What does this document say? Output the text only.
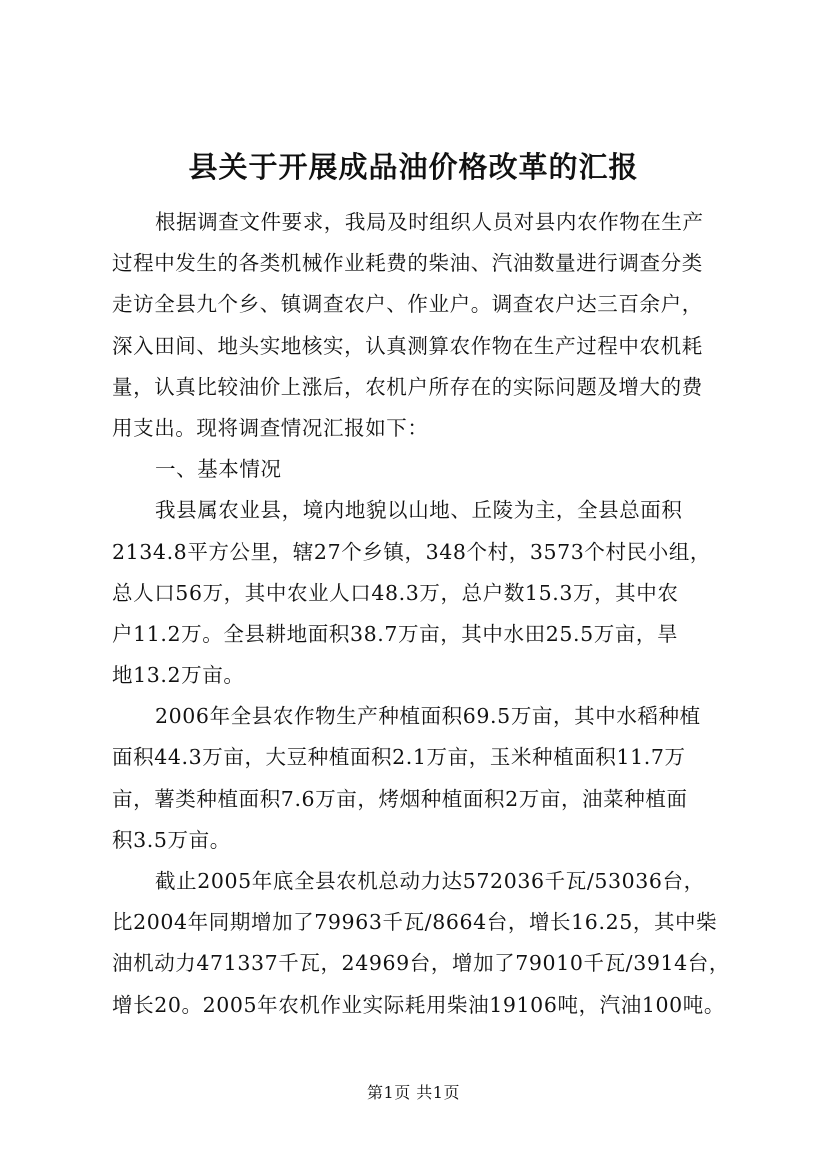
县关于开展成品油价格改革的汇报
根据调查文件要求，我局及时组织人员对县内农作物在生产
过程中发生的各类机械作业耗费的柴油、汽油数量进行调查分类
走访全县九个乡、镇调查农户、作业户。调查农户达三百余户，
深入田间、地头实地核实，认真测算农作物在生产过程中农机耗
量，认真比较油价上涨后，农机户所存在的实际问题及增大的费
用支出。现将调查情况汇报如下：
一、基本情况
我县属农业县，境内地貌以山地、丘陵为主，全县总面积
2134.8平方公里，辖27个乡镇，348个村，3573个村民小组，
总人口56万，其中农业人口48.3万，总户数15.3万，其中农
户11.2万。全县耕地面积38.7万亩，其中水田25.5万亩，旱
地13.2万亩。
2006年全县农作物生产种植面积69.5万亩，其中水稻种植
面积44.3万亩，大豆种植面积2.1万亩，玉米种植面积11.7万
亩，薯类种植面积7.6万亩，烤烟种植面积2万亩，油菜种植面
积3.5万亩。
截止2005年底全县农机总动力达572036千瓦/53036台，
比2004年同期增加了79963千瓦/8664台，增长16.25，其中柴
油机动力471337千瓦，24969台，增加了79010千瓦/3914台，
增长20。2005年农机作业实际耗用柴油19106吨，汽油100吨。
第1页 共1页
